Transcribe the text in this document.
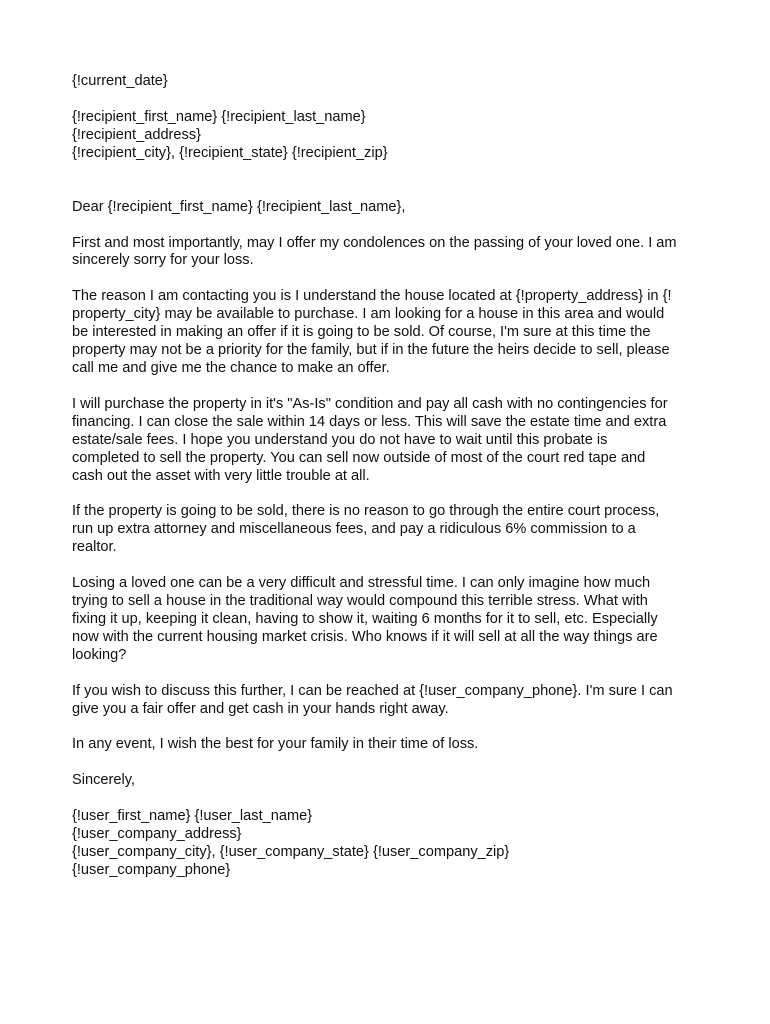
{!current_date}
{!recipient_first_name} {!recipient_last_name}
{!recipient_address}
{!recipient_city}, {!recipient_state} {!recipient_zip}
Dear {!recipient_first_name} {!recipient_last_name},
First and most importantly, may I offer my condolences on the passing of your loved one. I am
sincerely sorry for your loss.
The reason I am contacting you is I understand the house located at {!property_address} in {!
property_city} may be available to purchase. I am looking for a house in this area and would
be interested in making an offer if it is going to be sold. Of course, I'm sure at this time the
property may not be a priority for the family, but if in the future the heirs decide to sell, please
call me and give me the chance to make an offer.
I will purchase the property in it's "As-Is" condition and pay all cash with no contingencies for
financing. I can close the sale within 14 days or less. This will save the estate time and extra
estate/sale fees. I hope you understand you do not have to wait until this probate is
completed to sell the property. You can sell now outside of most of the court red tape and
cash out the asset with very little trouble at all.
If the property is going to be sold, there is no reason to go through the entire court process,
run up extra attorney and miscellaneous fees, and pay a ridiculous 6% commission to a
realtor.
Losing a loved one can be a very difficult and stressful time. I can only imagine how much
trying to sell a house in the traditional way would compound this terrible stress. What with
fixing it up, keeping it clean, having to show it, waiting 6 months for it to sell, etc. Especially
now with the current housing market crisis. Who knows if it will sell at all the way things are
looking?
If you wish to discuss this further, I can be reached at {!user_company_phone}. I'm sure I can
give you a fair offer and get cash in your hands right away.
In any event, I wish the best for your family in their time of loss.
Sincerely,
{!user_first_name} {!user_last_name}
{!user_company_address}
{!user_company_city}, {!user_company_state} {!user_company_zip}
{!user_company_phone}
